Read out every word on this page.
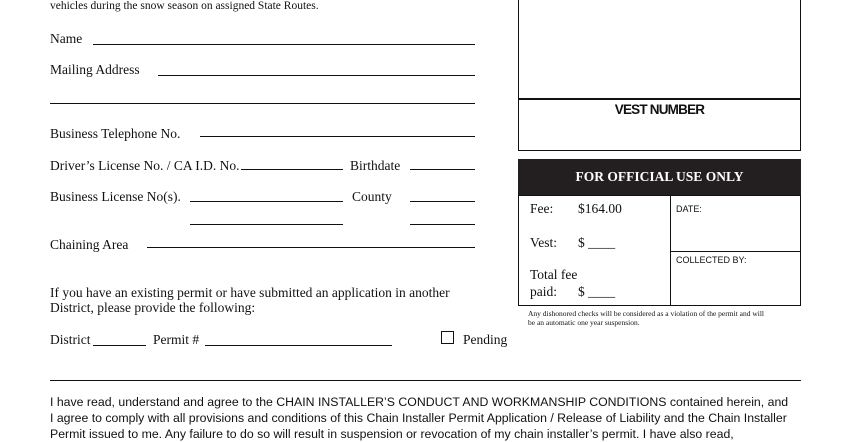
vehicles during the snow season on assigned State Routes.
Name
Mailing Address
Business Telephone No.
Driver’s License No. / CA I.D. No.	Birthdate
Business License No(s).	County
Chaining Area
If you have an existing permit or have submitted an application in another
District, please provide the following:
District	Permit #	Pending
VEST NUMBER
FOR OFFICIAL USE ONLY
Fee: $164.00
Vest: $ ____
Total fee
paid: $ ____
DATE:
COLLECTED BY:
Any dishonored checks will be considered as a violation of the permit and will
be an automatic one year suspension.
I have read, understand and agree to the CHAIN INSTALLER’S CONDUCT AND WORKMANSHIP CONDITIONS contained herein, and
I agree to comply with all provisions and conditions of this Chain Installer Permit Application / Release of Liability and the Chain Installer
Permit issued to me. Any failure to do so will result in suspension or revocation of my chain installer’s permit. I have also read,
